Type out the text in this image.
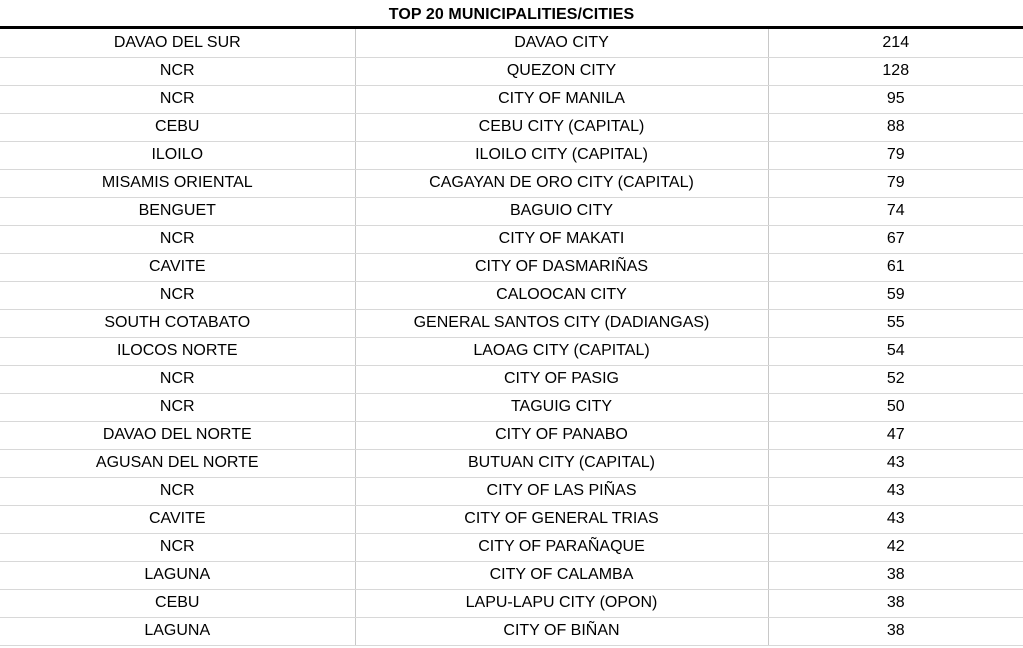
TOP 20 MUNICIPALITIES/CITIES
DAVAO DEL SUR	DAVAO CITY	214
NCR	QUEZON CITY	128
NCR	CITY OF MANILA	95
CEBU	CEBU CITY (CAPITAL)	88
ILOILO	ILOILO CITY (CAPITAL)	79
MISAMIS ORIENTAL	CAGAYAN DE ORO CITY (CAPITAL)	79
BENGUET	BAGUIO CITY	74
NCR	CITY OF MAKATI	67
CAVITE	CITY OF DASMARIÑAS	61
NCR	CALOOCAN CITY	59
SOUTH COTABATO	GENERAL SANTOS CITY (DADIANGAS)	55
ILOCOS NORTE	LAOAG CITY (CAPITAL)	54
NCR	CITY OF PASIG	52
NCR	TAGUIG CITY	50
DAVAO DEL NORTE	CITY OF PANABO	47
AGUSAN DEL NORTE	BUTUAN CITY (CAPITAL)	43
NCR	CITY OF LAS PIÑAS	43
CAVITE	CITY OF GENERAL TRIAS	43
NCR	CITY OF PARAÑAQUE	42
LAGUNA	CITY OF CALAMBA	38
CEBU	LAPU-LAPU CITY (OPON)	38
LAGUNA	CITY OF BIÑAN	38
